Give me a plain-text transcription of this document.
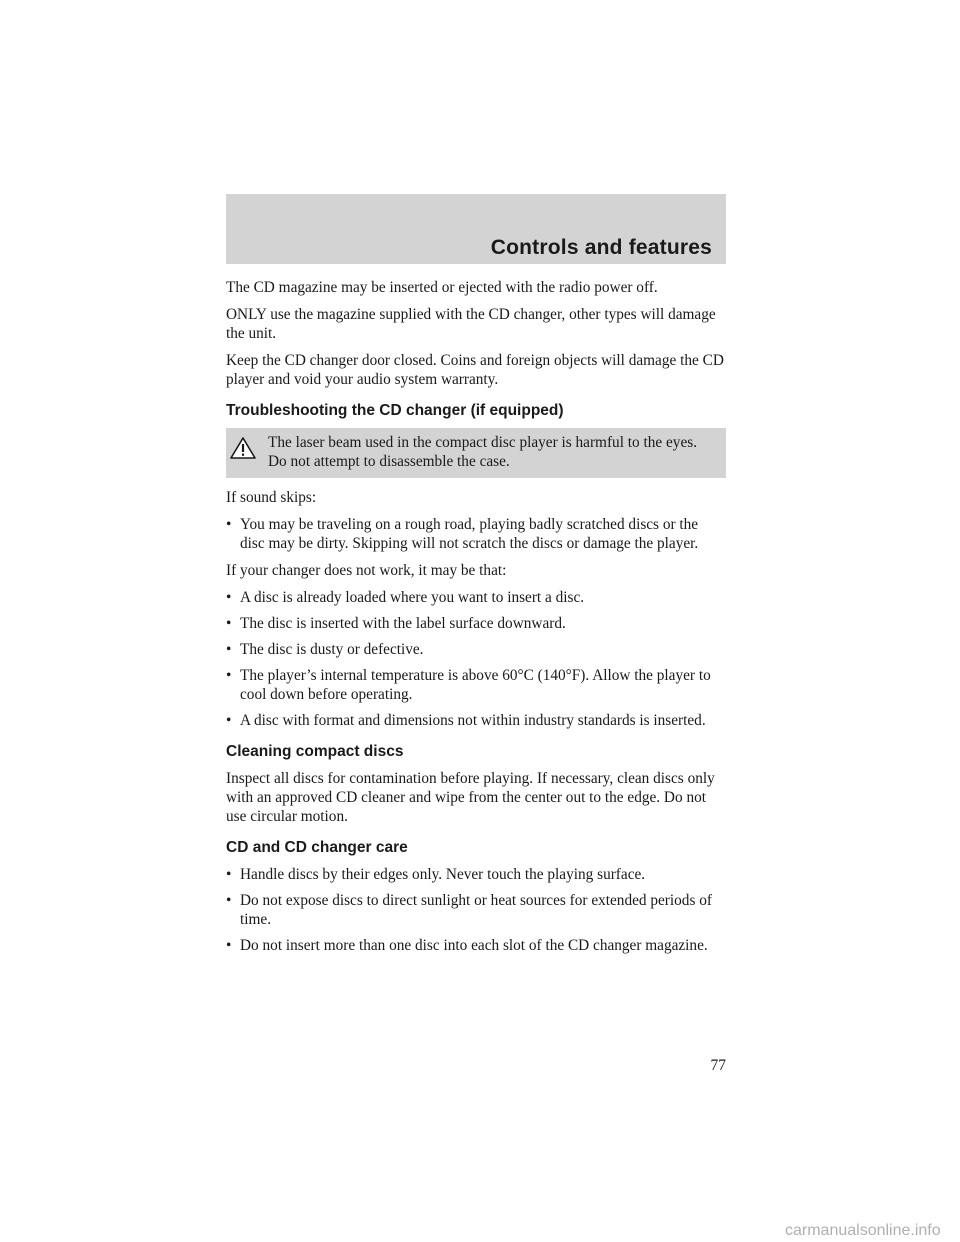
Controls and features

The CD magazine may be inserted or ejected with the radio power off.

ONLY use the magazine supplied with the CD changer, other types will damage the unit.

Keep the CD changer door closed. Coins and foreign objects will damage the CD player and void your audio system warranty.

Troubleshooting the CD changer (if equipped)
The laser beam used in the compact disc player is harmful to the eyes. Do not attempt to disassemble the case.

If sound skips:

• You may be traveling on a rough road, playing badly scratched discs or the disc may be dirty. Skipping will not scratch the discs or damage the player.

If your changer does not work, it may be that:

• A disc is already loaded where you want to insert a disc.
• The disc is inserted with the label surface downward.
• The disc is dusty or defective.
• The player’s internal temperature is above 60°C (140°F). Allow the player to cool down before operating.
• A disc with format and dimensions not within industry standards is inserted.
Cleaning compact discs

Inspect all discs for contamination before playing. If necessary, clean discs only with an approved CD cleaner and wipe from the center out to the edge. Do not use circular motion.

CD and CD changer care
• Handle discs by their edges only. Never touch the playing surface.
• Do not expose discs to direct sunlight or heat sources for extended periods of time.
• Do not insert more than one disc into each slot of the CD changer magazine.
77
carmanualsonline.info
